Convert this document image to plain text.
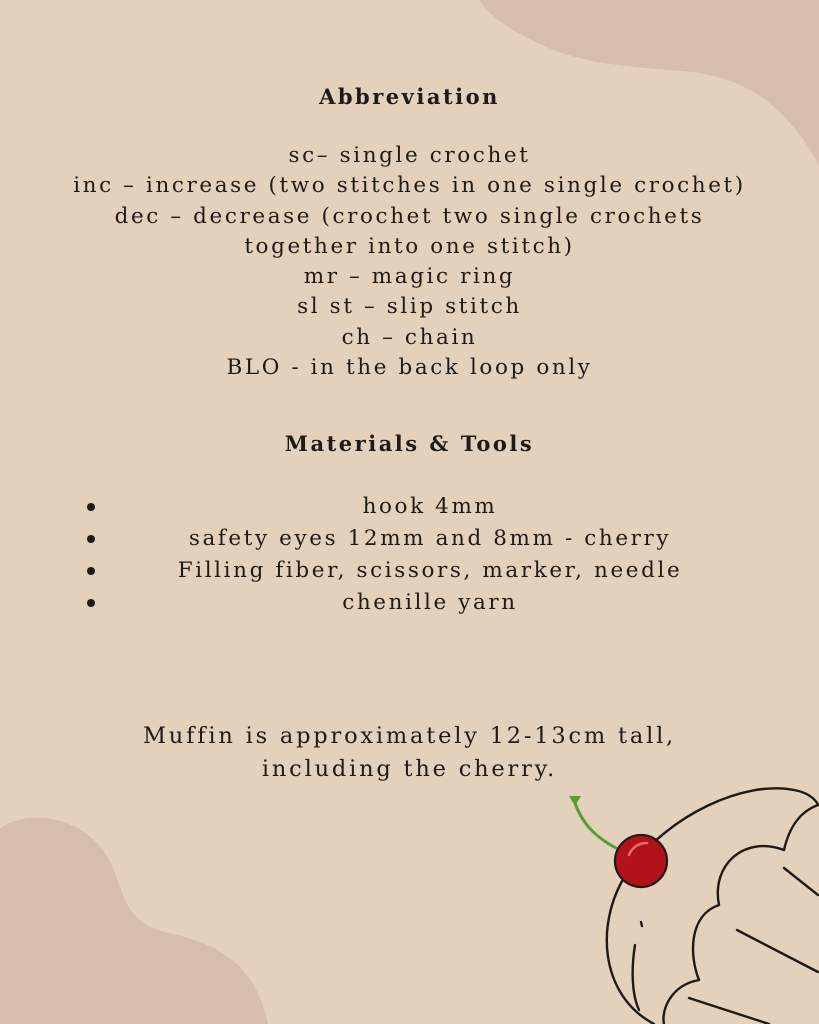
Abbreviation
sc– single crochet
inc – increase (two stitches in one single crochet)
dec – decrease (crochet two single crochets
together into one stitch)
mr – magic ring
sl st – slip stitch
ch – chain
BLO - in the back loop only
Materials & Tools
hook 4mm
safety eyes 12mm and 8mm - cherry
Filling fiber, scissors, marker, needle
chenille yarn
Muffin is approximately 12-13cm tall,
including the cherry.
